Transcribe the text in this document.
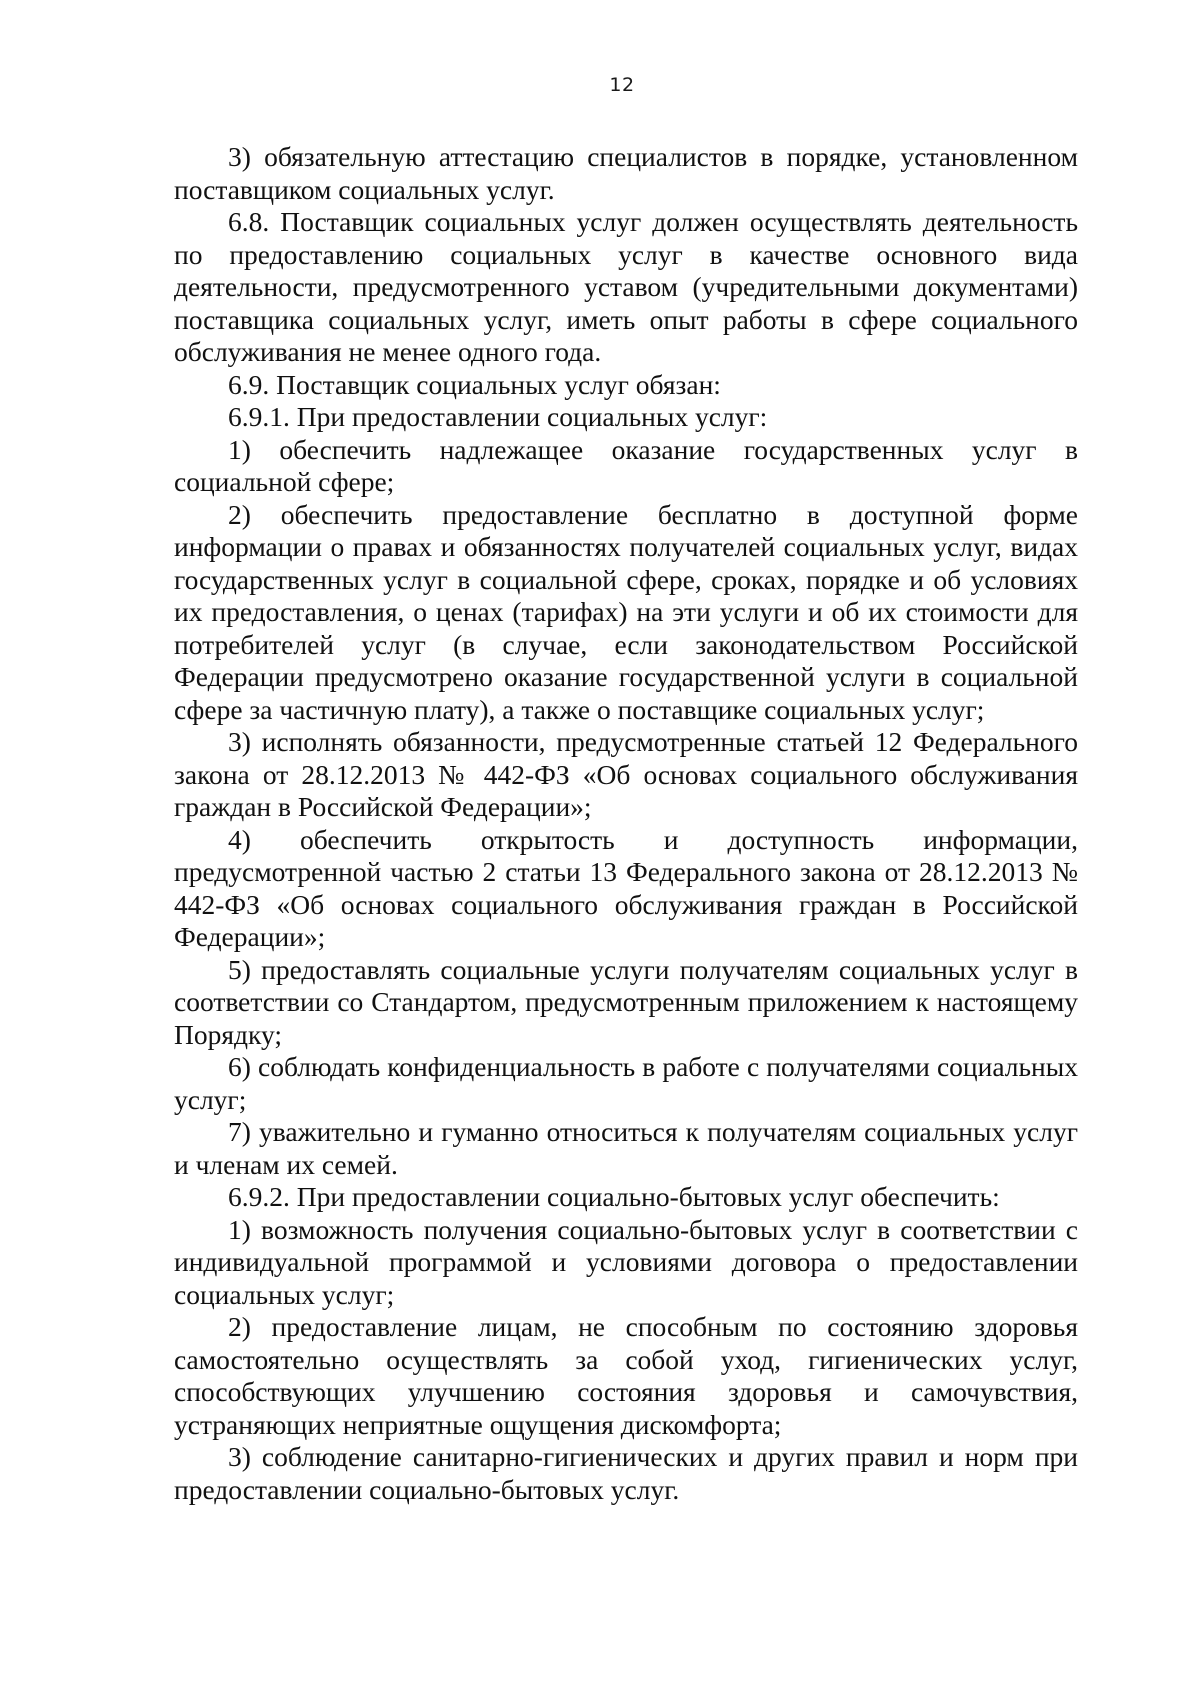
12

3) обязательную аттестацию специалистов в порядке, установленном поставщиком социальных услуг.

6.8. Поставщик социальных услуг должен осуществлять деятельность по предоставлению социальных услуг в качестве основного вида деятельности, предусмотренного уставом (учредительными документами) поставщика социальных услуг, иметь опыт работы в сфере социального обслуживания не менее одного года.

6.9. Поставщик социальных услуг обязан:

6.9.1. При предоставлении социальных услуг:

1) обеспечить надлежащее оказание государственных услуг в социальной сфере;

2) обеспечить предоставление бесплатно в доступной форме информации о правах и обязанностях получателей социальных услуг, видах государственных услуг в социальной сфере, сроках, порядке и об условиях их предоставления, о ценах (тарифах) на эти услуги и об их стоимости для потребителей услуг (в случае, если законодательством Российской Федерации предусмотрено оказание государственной услуги в социальной сфере за частичную плату), а также о поставщике социальных услуг;

3) исполнять обязанности, предусмотренные статьей 12 Федерального закона от 28.12.2013 № 442-ФЗ «Об основах социального обслуживания граждан в Российской Федерации»;

4) обеспечить открытость и доступность информации, предусмотренной частью 2 статьи 13 Федерального закона от 28.12.2013 № 442-ФЗ «Об основах социального обслуживания граждан в Российской Федерации»;

5) предоставлять социальные услуги получателям социальных услуг в соответствии со Стандартом, предусмотренным приложением к настоящему Порядку;

6) соблюдать конфиденциальность в работе с получателями социальных услуг;

7) уважительно и гуманно относиться к получателям социальных услуг и членам их семей.

6.9.2. При предоставлении социально-бытовых услуг обеспечить:

1) возможность получения социально-бытовых услуг в соответствии с индивидуальной программой и условиями договора о предоставлении социальных услуг;

2) предоставление лицам, не способным по состоянию здоровья самостоятельно осуществлять за собой уход, гигиенических услуг, способствующих улучшению состояния здоровья и самочувствия, устраняющих неприятные ощущения дискомфорта;

3) соблюдение санитарно-гигиенических и других правил и норм при предоставлении социально-бытовых услуг.
